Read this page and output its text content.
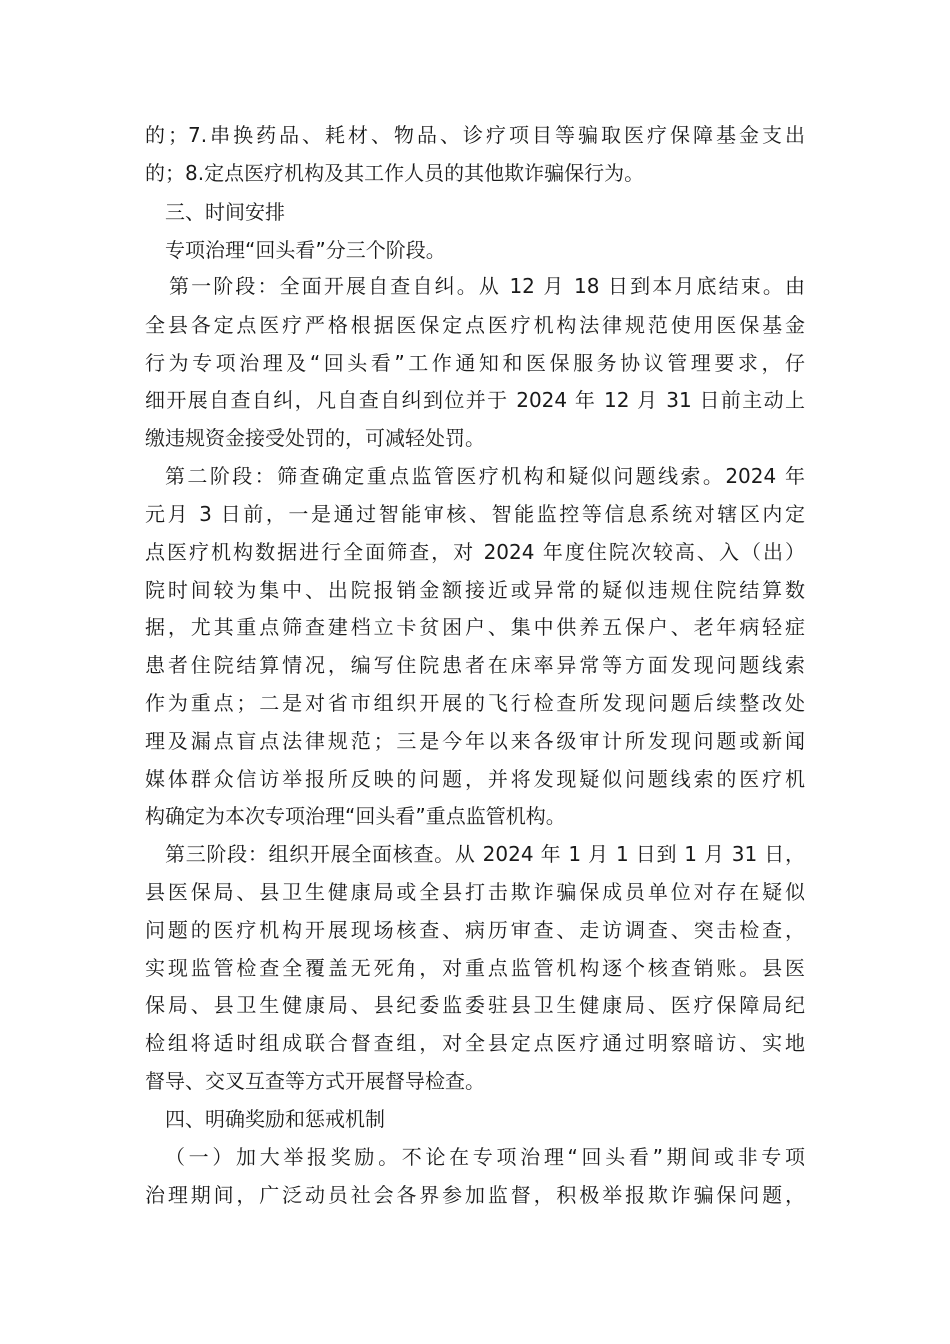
的；7.串换药品、耗材、物品、诊疗项目等骗取医疗保障基金支出
的；8.定点医疗机构及其工作人员的其他欺诈骗保行为。
三、时间安排
专项治理“回头看”分三个阶段。
第一阶段：全面开展自查自纠。从 12 月 18 日到本月底结束。由
全县各定点医疗严格根据医保定点医疗机构法律规范使用医保基金
行为专项治理及“回头看”工作通知和医保服务协议管理要求，仔
细开展自查自纠，凡自查自纠到位并于 2024 年 12 月 31 日前主动上
缴违规资金接受处罚的，可减轻处罚。
第二阶段：筛查确定重点监管医疗机构和疑似问题线索。2024 年
元月 3 日前，一是通过智能审核、智能监控等信息系统对辖区内定
点医疗机构数据进行全面筛查，对 2024 年度住院次较高、入（出）
院时间较为集中、出院报销金额接近或异常的疑似违规住院结算数
据，尤其重点筛查建档立卡贫困户、集中供养五保户、老年病轻症
患者住院结算情况，编写住院患者在床率异常等方面发现问题线索
作为重点；二是对省市组织开展的飞行检查所发现问题后续整改处
理及漏点盲点法律规范；三是今年以来各级审计所发现问题或新闻
媒体群众信访举报所反映的问题，并将发现疑似问题线索的医疗机
构确定为本次专项治理“回头看”重点监管机构。
第三阶段：组织开展全面核查。从 2024 年 1 月 1 日到 1 月 31 日，
县医保局、县卫生健康局或全县打击欺诈骗保成员单位对存在疑似
问题的医疗机构开展现场核查、病历审查、走访调查、突击检查，
实现监管检查全覆盖无死角，对重点监管机构逐个核查销账。县医
保局、县卫生健康局、县纪委监委驻县卫生健康局、医疗保障局纪
检组将适时组成联合督查组，对全县定点医疗通过明察暗访、实地
督导、交叉互查等方式开展督导检查。
四、明确奖励和惩戒机制
（一）加大举报奖励。不论在专项治理“回头看”期间或非专项
治理期间，广泛动员社会各界参加监督，积极举报欺诈骗保问题，
